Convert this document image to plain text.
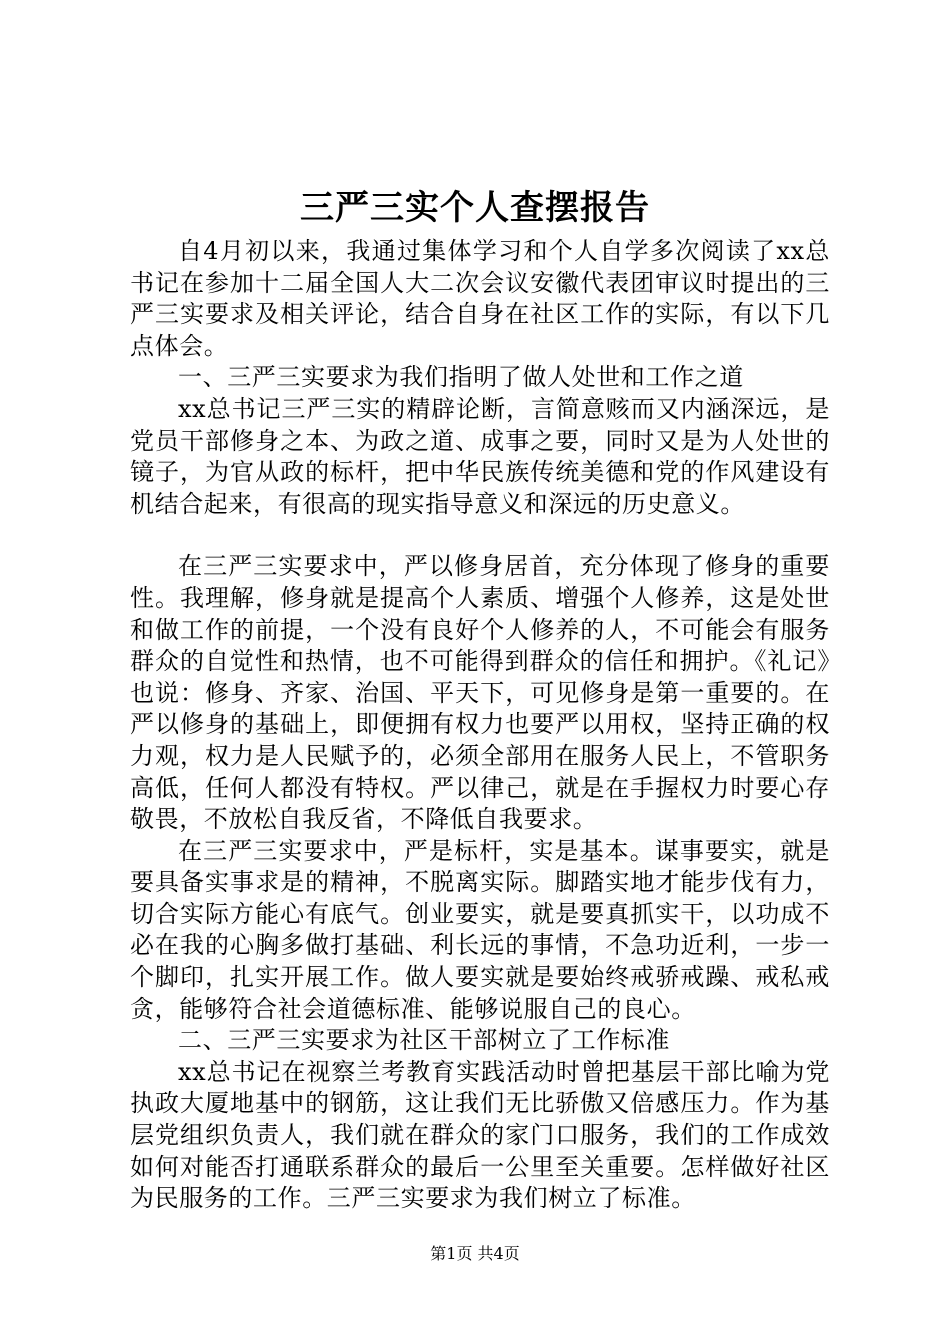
三严三实个人查摆报告

自4月初以来，我通过集体学习和个人自学多次阅读了xx总书记在参加十二届全国人大二次会议安徽代表团审议时提出的三严三实要求及相关评论，结合自身在社区工作的实际，有以下几点体会。

一、三严三实要求为我们指明了做人处世和工作之道

xx总书记三严三实的精辟论断，言简意赅而又内涵深远，是党员干部修身之本、为政之道、成事之要，同时又是为人处世的镜子，为官从政的标杆，把中华民族传统美德和党的作风建设有机结合起来，有很高的现实指导意义和深远的历史意义。

在三严三实要求中，严以修身居首，充分体现了修身的重要性。我理解，修身就是提高个人素质、增强个人修养，这是处世和做工作的前提，一个没有良好个人修养的人，不可能会有服务群众的自觉性和热情，也不可能得到群众的信任和拥护。《礼记》也说：修身、齐家、治国、平天下，可见修身是第一重要的。在严以修身的基础上，即便拥有权力也要严以用权，坚持正确的权力观，权力是人民赋予的，必须全部用在服务人民上，不管职务高低，任何人都没有特权。严以律己，就是在手握权力时要心存敬畏，不放松自我反省，不降低自我要求。

在三严三实要求中，严是标杆，实是基本。谋事要实，就是要具备实事求是的精神，不脱离实际。脚踏实地才能步伐有力，切合实际方能心有底气。创业要实，就是要真抓实干，以功成不必在我的心胸多做打基础、利长远的事情，不急功近利，一步一个脚印，扎实开展工作。做人要实就是要始终戒骄戒躁、戒私戒贪，能够符合社会道德标准、能够说服自己的良心。

二、三严三实要求为社区干部树立了工作标准

xx总书记在视察兰考教育实践活动时曾把基层干部比喻为党执政大厦地基中的钢筋，这让我们无比骄傲又倍感压力。作为基层党组织负责人，我们就在群众的家门口服务，我们的工作成效如何对能否打通联系群众的最后一公里至关重要。怎样做好社区为民服务的工作。三严三实要求为我们树立了标准。

第1页 共4页
